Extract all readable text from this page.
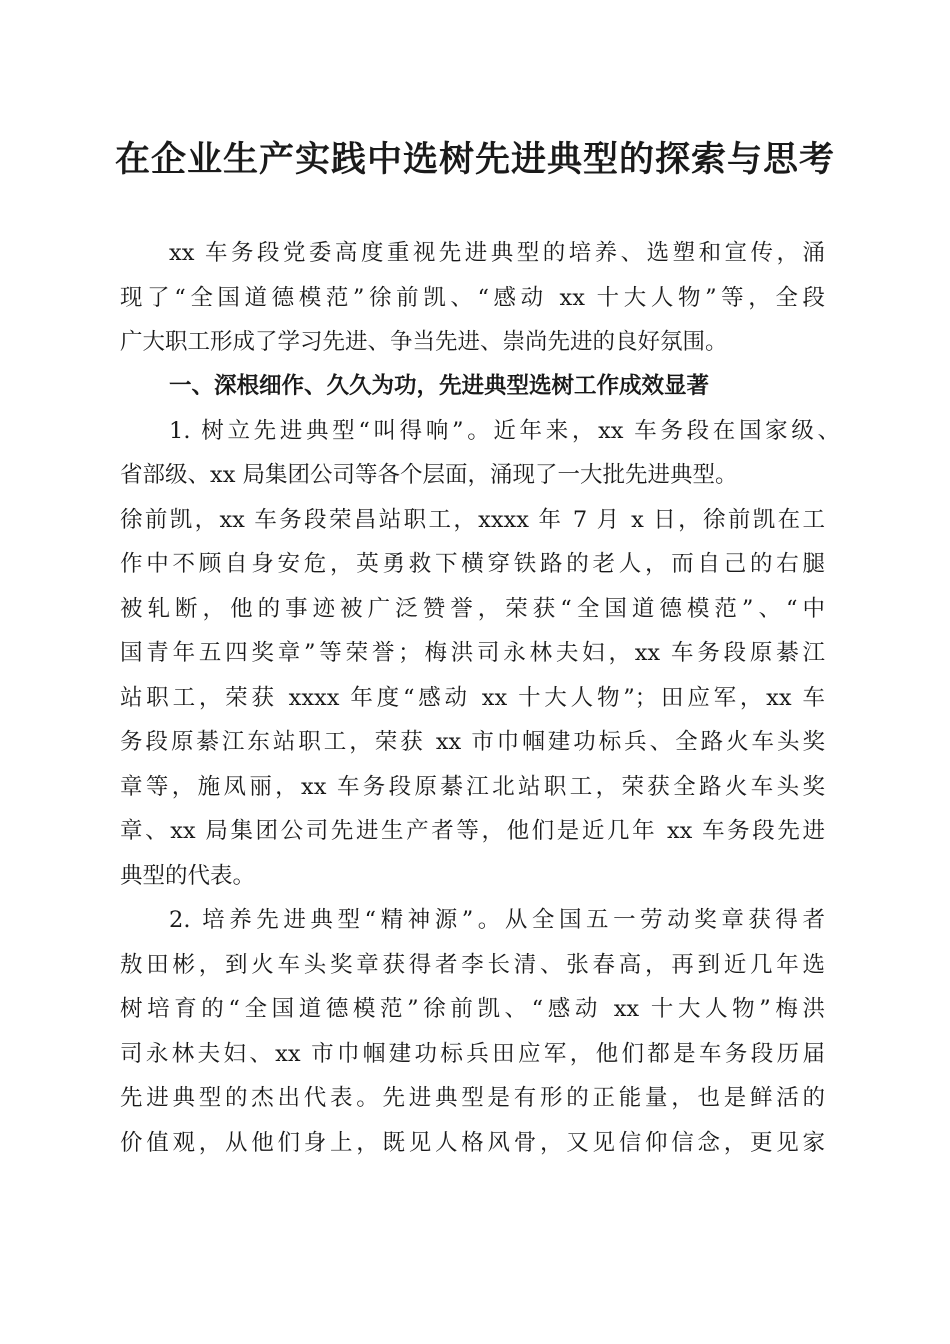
在企业生产实践中选树先进典型的探索与思考
xx 车务段党委高度重视先进典型的培养、选塑和宣传，涌
现了“全国道德模范”徐前凯、“感动 xx 十大人物”等，全段
广大职工形成了学习先进、争当先进、崇尚先进的良好氛围。
一、深根细作、久久为功，先进典型选树工作成效显著
1. 树立先进典型“叫得响”。近年来，xx 车务段在国家级、
省部级、xx 局集团公司等各个层面，涌现了一大批先进典型。
徐前凯，xx 车务段荣昌站职工，xxxx 年 7 月 x 日，徐前凯在工
作中不顾自身安危，英勇救下横穿铁路的老人，而自己的右腿
被轧断，他的事迹被广泛赞誉，荣获“全国道德模范”、“中
国青年五四奖章”等荣誉；梅洪司永林夫妇，xx 车务段原綦江
站职工，荣获 xxxx 年度“感动 xx 十大人物”；田应军，xx 车
务段原綦江东站职工，荣获 xx 市巾帼建功标兵、全路火车头奖
章等，施凤丽，xx 车务段原綦江北站职工，荣获全路火车头奖
章、xx 局集团公司先进生产者等，他们是近几年 xx 车务段先进
典型的代表。
2. 培养先进典型“精神源”。从全国五一劳动奖章获得者
敖田彬，到火车头奖章获得者李长清、张春高，再到近几年选
树培育的“全国道德模范”徐前凯、“感动 xx 十大人物”梅洪
司永林夫妇、xx 市巾帼建功标兵田应军，他们都是车务段历届
先进典型的杰出代表。先进典型是有形的正能量，也是鲜活的
价值观，从他们身上，既见人格风骨，又见信仰信念，更见家
